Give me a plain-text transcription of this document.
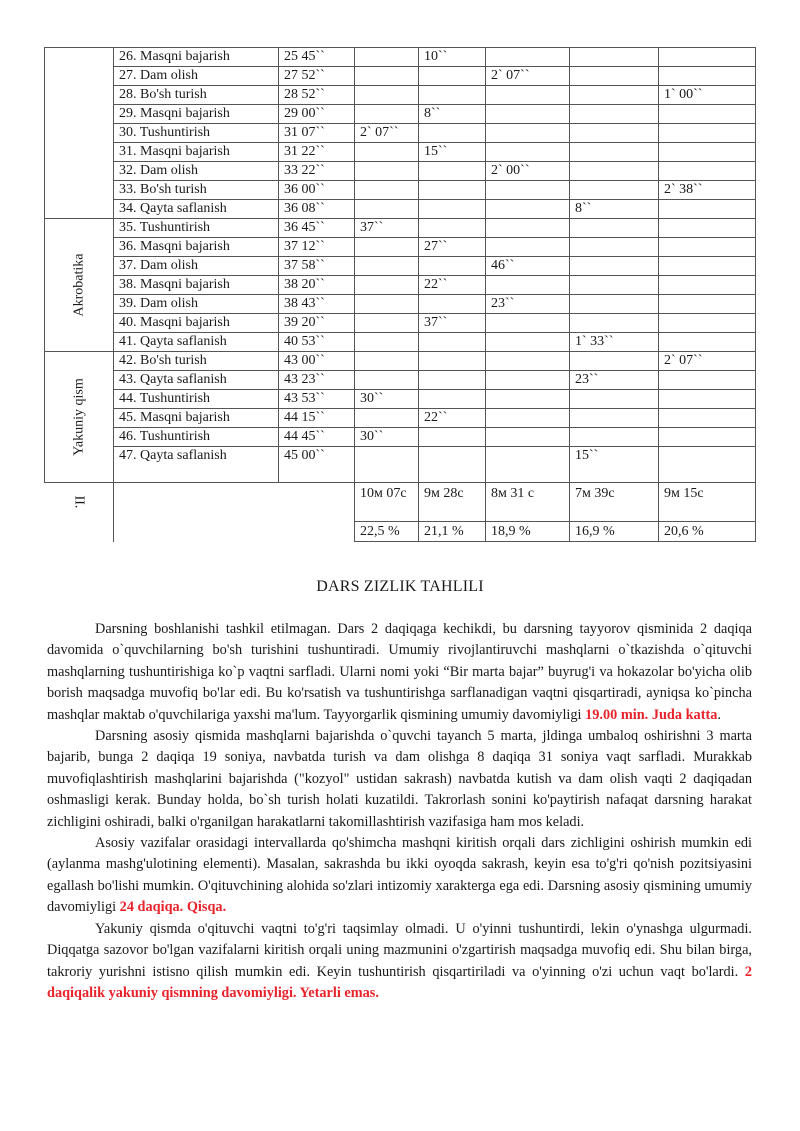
	26. Masqni bajarish	25 45``		10``			
	27. Dam olish	27 52``			2` 07``		
	28. Bo'sh turish	28 52``					1` 00``
	29. Masqni bajarish	29 00``		8``			
	30. Tushuntirish	31 07``	2` 07``				
	31. Masqni bajarish	31 22``		15``			
	32. Dam olish	33 22``			2` 00``		
	33. Bo'sh turish	36 00``					2` 38``
	34. Qayta saflanish	36 08``				8``	

Akrobatika	35. Tushuntirish	36 45``	37``				
	36. Masqni bajarish	37 12``		27``			
	37. Dam olish	37 58``			46``		
	38. Masqni bajarish	38 20``		22``			
	39. Dam olish	38 43``			23``		
	40. Masqni bajarish	39 20``		37``			
	41. Qayta saflanish	40 53``				1` 33``	

Yakuniy qism	42. Bo'sh turish	43 00``					2` 07``
	43. Qayta saflanish	43 23``				23``	
	44. Tushuntirish	43 53``	30``				
	45. Masqni bajarish	44 15``		22``			
	46. Tushuntirish	44 45``	30``				
	47. Qayta saflanish	45 00``				15``	

II.			10м 07с	9м 28с	8м 31 с	7м 39с	9м 15с
			22,5 %	21,1 %	18,9 %	16,9 %	20,6 %
DARS ZIZLIK TAHLILI

Darsning boshlanishi tashkil etilmagan. Dars 2 daqiqaga kechikdi, bu darsning tayyorov qisminida 2 daqiqa davomida o`quvchilarning bo'sh turishini tushuntiradi. Umumiy rivojlantiruvchi mashqlarni o`tkazishda o`qituvchi mashqlarning tushuntirishiga ko`p vaqtni sarfladi. Ularni nomi yoki “Bir marta bajar” buyrug'i va hokazolar bo'yicha olib borish maqsadga muvofiq bo'lar edi. Bu ko'rsatish va tushuntirishga sarflanadigan vaqtni qisqartiradi, ayniqsa ko`pincha mashqlar maktab o'quvchilariga yaxshi ma'lum. Tayyorgarlik qismining umumiy davomiyligi 19.00 min. Juda katta.

Darsning asosiy qismida mashqlarni bajarishda o`quvchi tayanch 5 marta, jldinga umbaloq oshirishni 3 marta bajarib, bunga 2 daqiqa 19 soniya, navbatda turish va dam olishga 8 daqiqa 31 soniya vaqt sarfladi. Murakkab muvofiqlashtirish mashqlarini bajarishda ("kozyol" ustidan sakrash) navbatda kutish va dam olish vaqti 2 daqiqadan oshmasligi kerak. Bunday holda, bo`sh turish holati kuzatildi. Takrorlash sonini ko'paytirish nafaqat darsning harakat zichligini oshiradi, balki o'rganilgan harakatlarni takomillashtirish vazifasiga ham mos keladi.

Asosiy vazifalar orasidagi intervallarda qo'shimcha mashqni kiritish orqali dars zichligini oshirish mumkin edi (aylanma mashg'ulotining elementi). Masalan, sakrashda bu ikki oyoqda sakrash, keyin esa to'g'ri qo'nish pozitsiyasini egallash bo'lishi mumkin. O'qituvchining alohida so'zlari intizomiy xarakterga ega edi. Darsning asosiy qismining umumiy davomiyligi 24 daqiqa. Qisqa.

Yakuniy qismda o'qituvchi vaqtni to'g'ri taqsimlay olmadi. U o'yinni tushuntirdi, lekin o'ynashga ulgurmadi. Diqqatga sazovor bo'lgan vazifalarni kiritish orqali uning mazmunini o'zgartirish maqsadga muvofiq edi. Shu bilan birga, takroriy yurishni istisno qilish mumkin edi. Keyin tushuntirish qisqartiriladi va o'yinning o'zi uchun vaqt bo'lardi. 2 daqiqalik yakuniy qismning davomiyligi. Yetarli emas.
